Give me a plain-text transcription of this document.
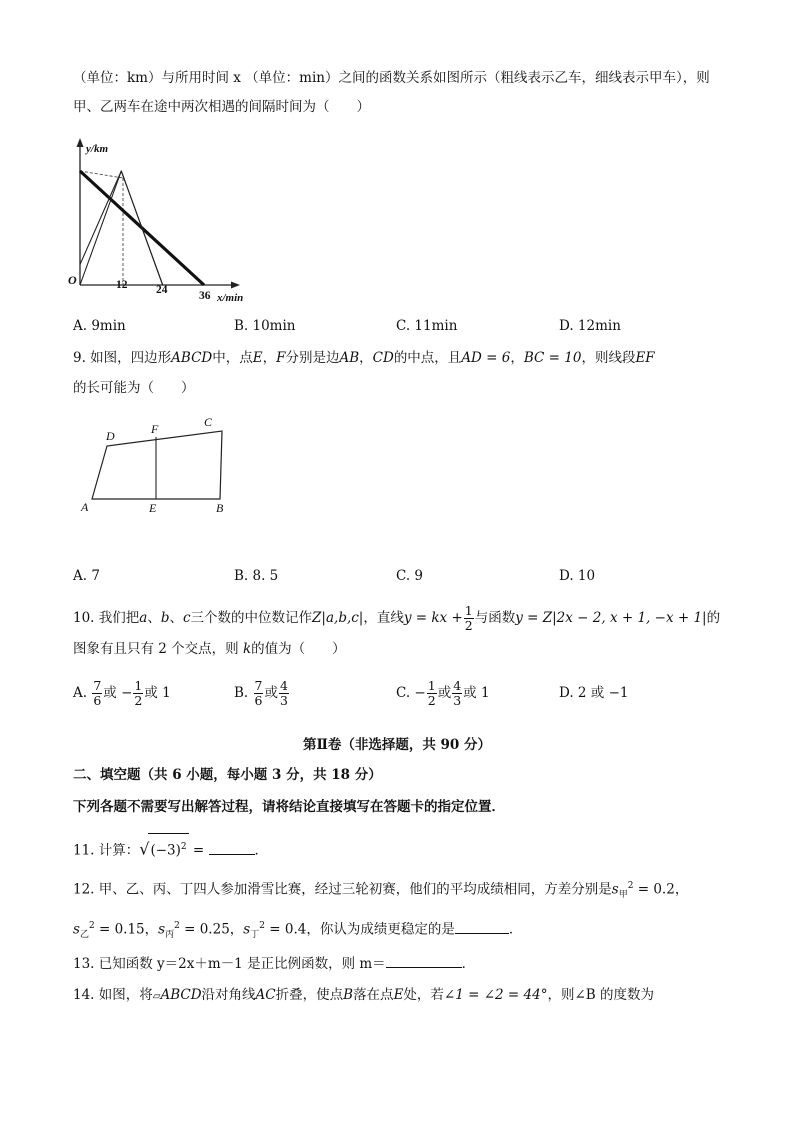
（单位：km）与所用时间 x （单位：min）之间的函数关系如图所示（粗线表示乙车，细线表示甲车），则
甲、乙两车在途中两次相遇的间隔时间为（　　）
y/km
O	12 24	36 x/min
A. 9min	B. 10min	C. 11min	D. 12min
9. 如图，四边形ABCD中，点E，F分别是边AB，CD的中点，且AD = 6，BC = 10，则线段EF
的长可能为（　　）
A	B
C
D
E
F
A. 7	B. 8. 5	C. 9	D. 10
10. 我们把a、b、c三个数的中位数记作Z|a,b,c|，直线y = kx + $\frac{1}{2}$ 与函数y = Z|2x − 2, x + 1, −x + 1|的
图象有且只有 2 个交点，则 k的值为（　　）
A. $\frac{7}{6}$ 或 − $\frac{1}{2}$ 或 1	B. $\frac{7}{6}$ 或 $\frac{4}{3}$	C. − $\frac{1}{2}$ 或 $\frac{4}{3}$ 或 1	D. 2 或 −1
第Ⅱ卷（非选择题，共 90 分）
二、填空题（共 6 小题，每小题 3 分，共 18 分）
下列各题不需要写出解答过程，请将结论直接填写在答题卡的指定位置．
11. 计算：$√(-3)^2$ =	．
12. 甲、乙、丙、丁四人参加滑雪比赛，经过三轮初赛，他们的平均成绩相同，方差分别是$s_甲^2 = 0.2$，
$s_乙^2 = 0.15$，$s_丙^2 = 0.25$，$s_丁^2 = 0.4$，你认为成绩更稳定的是	．
13. 已知函数 y＝2x＋m－1 是正比例函数，则 m＝	．
14. 如图，将▱ABCD沿对角线AC折叠，使点B落在点E处，若∠1 = ∠2 = 44°，则∠B 的度数为
